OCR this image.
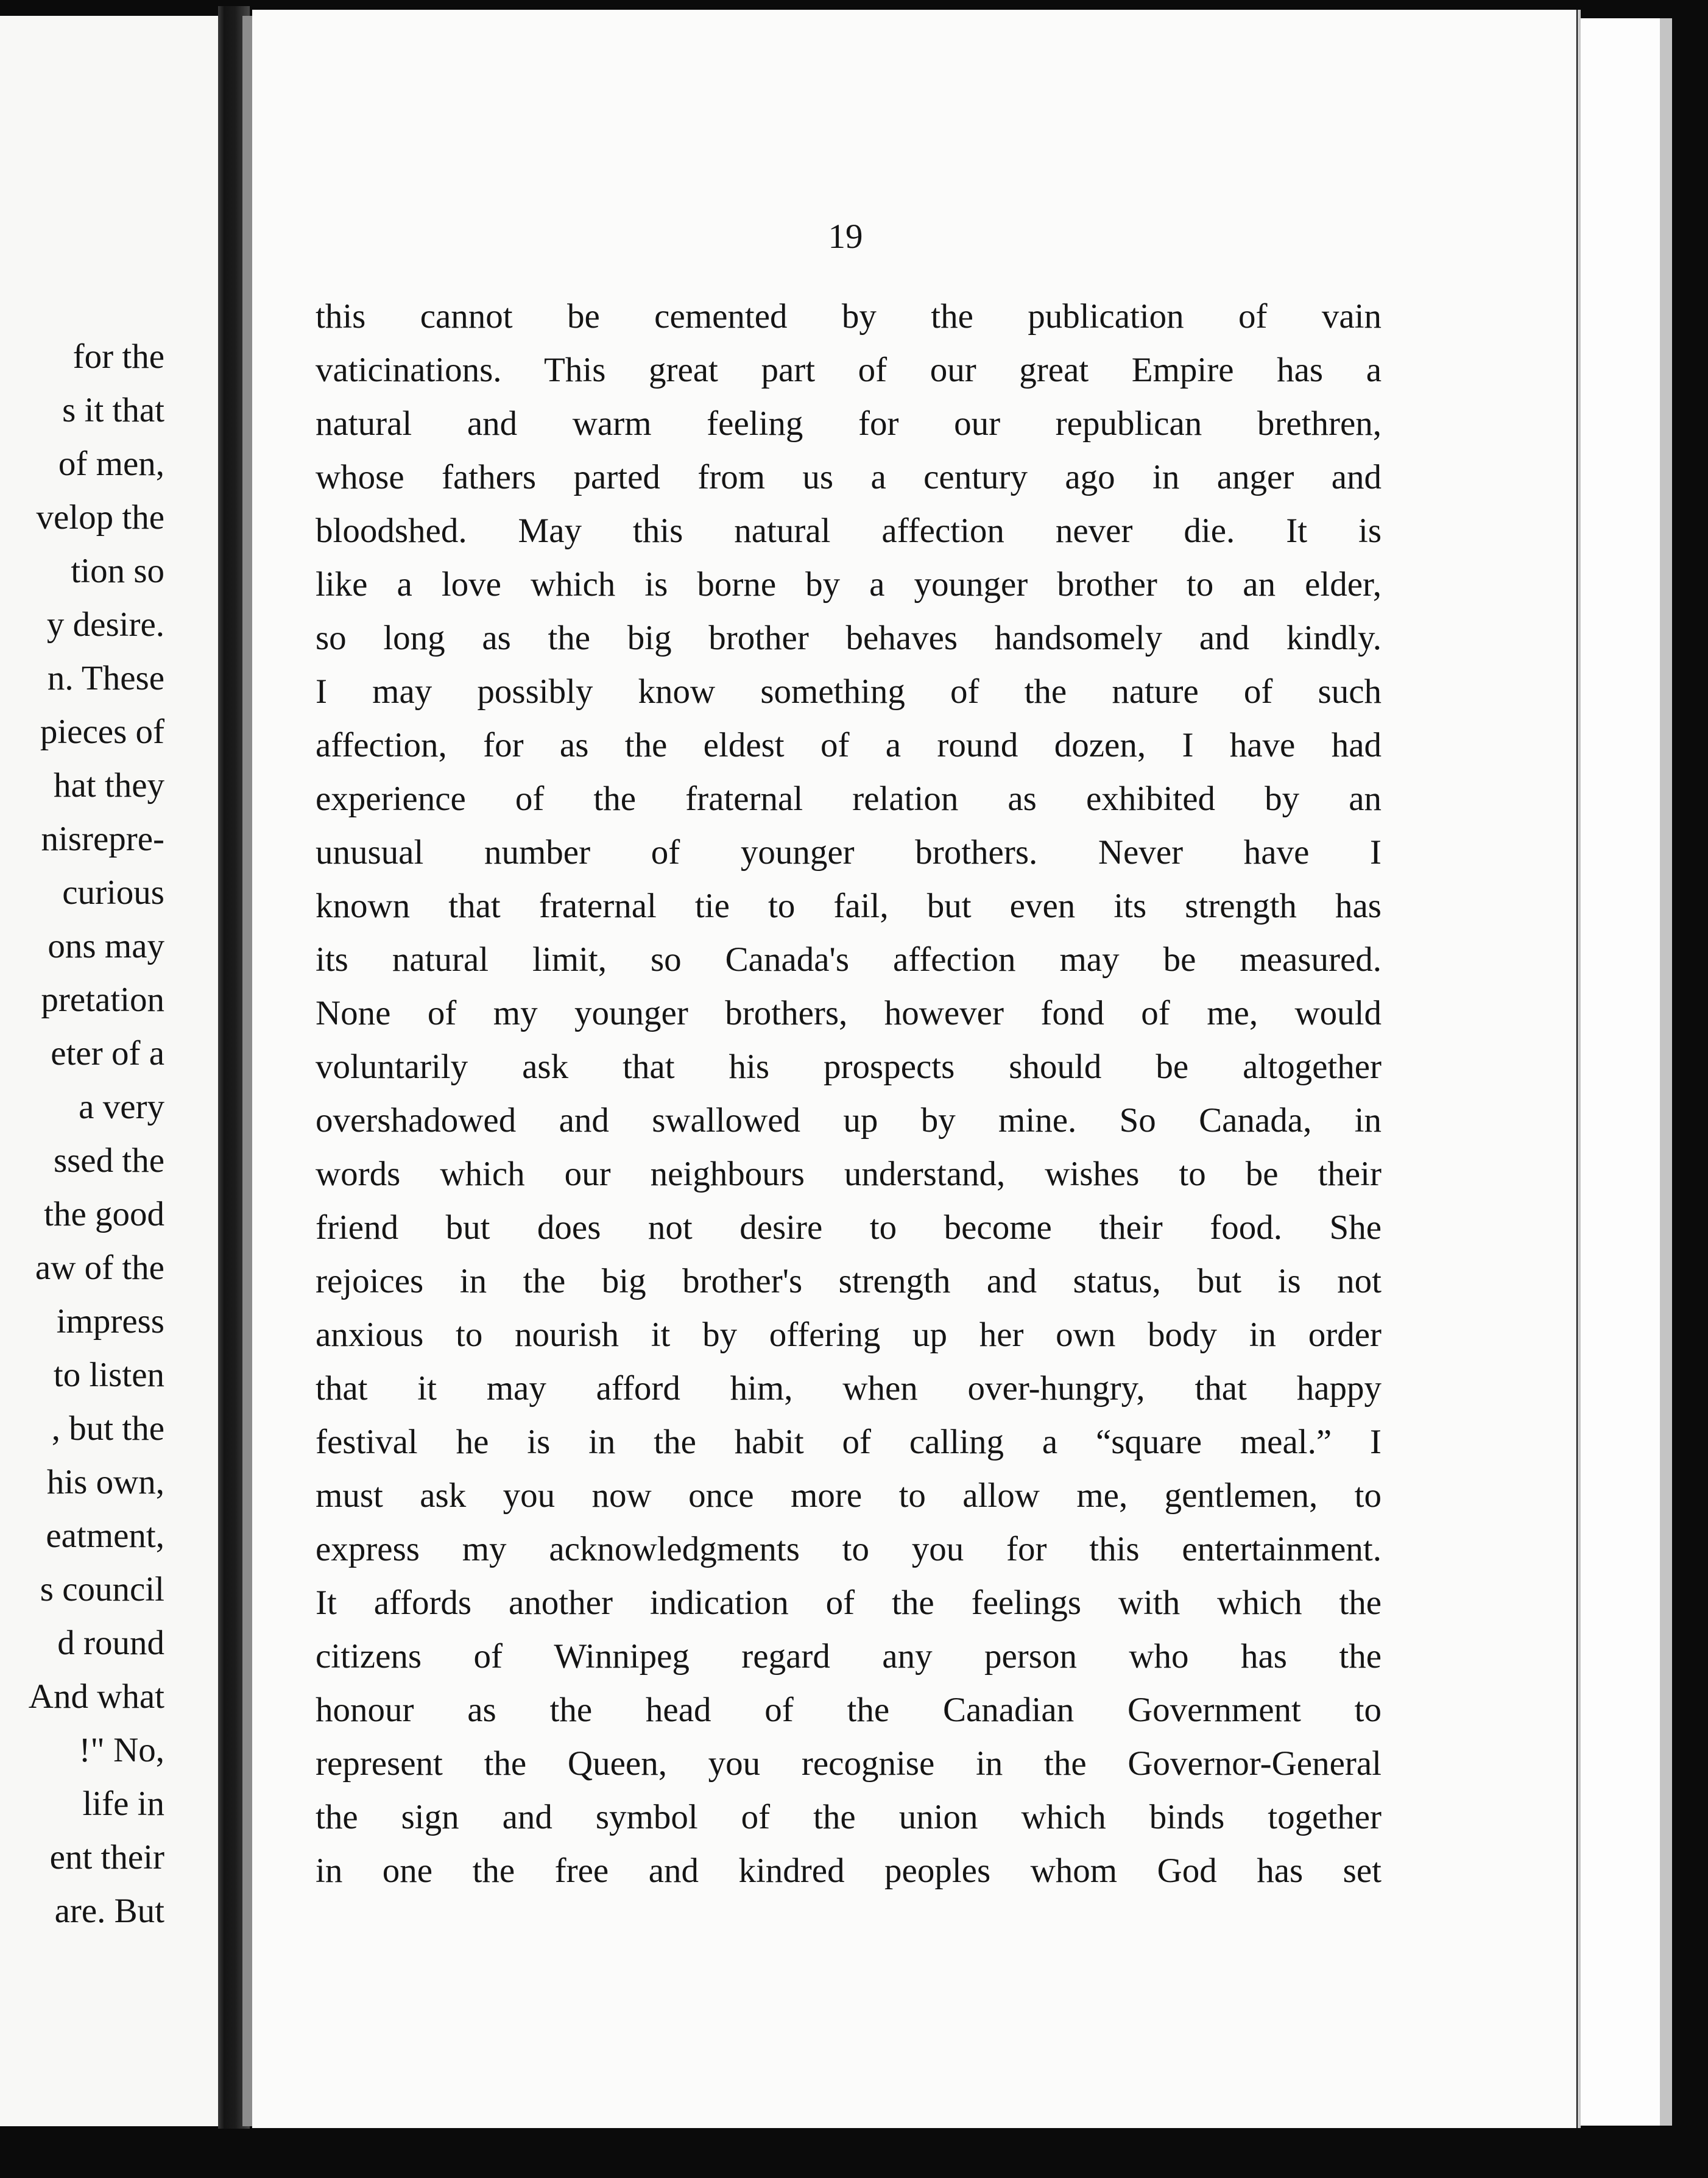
for the
s it that
of men,
velop the
tion so
y desire.
n. These
pieces of
hat they
nisrepre-
curious
ons may
pretation
eter of a
a very
ssed the
the good
aw of the
impress
to listen
, but the
his own,
eatment,
s council
d round
And what
!" No,
life in
ent their
are. But
19
this cannot be cemented by the publication of vain
vaticinations. This great part of our great Empire has a
natural and warm feeling for our republican brethren,
whose fathers parted from us a century ago in anger and
bloodshed. May this natural affection never die. It is
like a love which is borne by a younger brother to an elder,
so long as the big brother behaves handsomely and kindly.
I may possibly know something of the nature of such
affection, for as the eldest of a round dozen, I have had
experience of the fraternal relation as exhibited by an
unusual number of younger brothers. Never have I
known that fraternal tie to fail, but even its strength has
its natural limit, so Canada's affection may be measured.
None of my younger brothers, however fond of me, would
voluntarily ask that his prospects should be altogether
overshadowed and swallowed up by mine. So Canada, in
words which our neighbours understand, wishes to be their
friend but does not desire to become their food. She
rejoices in the big brother's strength and status, but is not
anxious to nourish it by offering up her own body in order
that it may afford him, when over-hungry, that happy
festival he is in the habit of calling a “square meal.” I
must ask you now once more to allow me, gentlemen, to
express my acknowledgments to you for this entertainment.
It affords another indication of the feelings with which the
citizens of Winnipeg regard any person who has the
honour as the head of the Canadian Government to
represent the Queen, you recognise in the Governor-General
the sign and symbol of the union which binds together
in one the free and kindred peoples whom God has set
